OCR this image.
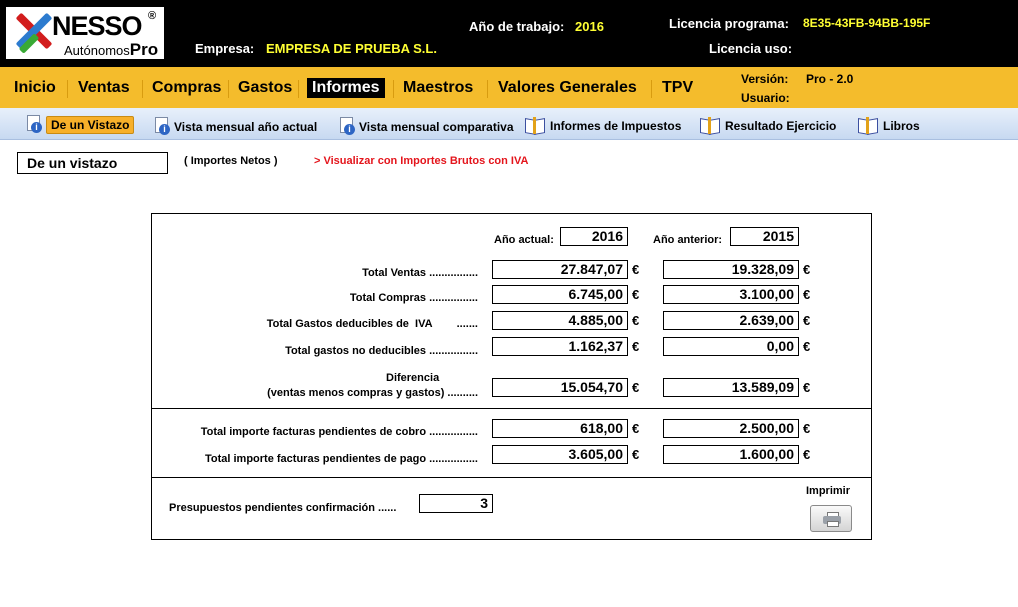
NESSO ®
AutónomosPro
Año de trabajo: 2016	Licencia programa: 8E35-43FB-94BB-195F
Empresa: EMPRESA DE PRUEBA S.L.	Licencia uso:
Inicio Ventas Compras Gastos	Informes	Maestros Valores Generales TPV	Versión: Pro - 2.0
Usuario:
i	De un Vistazo	i Vista mensual año actual	i Vista mensual comparativa	Informes de Impuestos	Resultado Ejercicio	Libros
De un vistazo	( Importes Netos )	> Visualizar con Importes Brutos con IVA
Año actual:	2016	Año anterior:	2015
Total Ventas ................	27.847,07 €	19.328,09 €
Total Compras ................	6.745,00 €	3.100,00 €
Total Gastos deducibles de  IVA        .......	4.885,00 €	2.639,00 €
Total gastos no deducibles ................	1.162,37 €	0,00 €
Diferencia
(ventas menos compras y gastos) ..........	15.054,70 €	13.589,09 €
Total importe facturas pendientes de cobro ................	618,00 €	2.500,00 €
Total importe facturas pendientes de pago ................	3.605,00 €	1.600,00 €
Presupuestos pendientes confirmación ......	3
Imprimir
